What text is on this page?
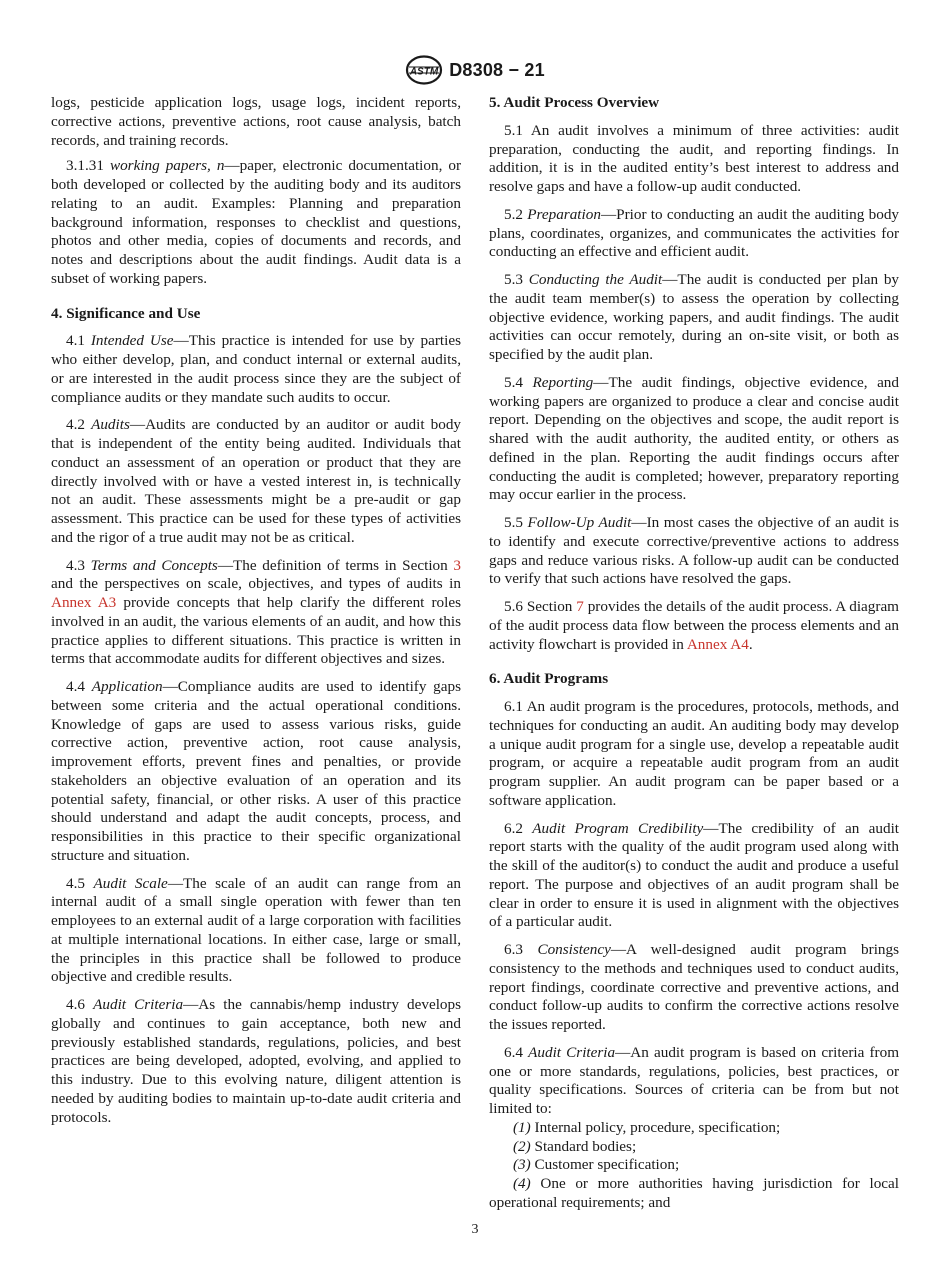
ASTM D8308 − 21

logs, pesticide application logs, usage logs, incident reports, corrective actions, preventive actions, root cause analysis, batch records, and training records.

3.1.31 working papers, n—paper, electronic documentation, or both developed or collected by the auditing body and its auditors relating to an audit. Examples: Planning and preparation background information, responses to checklist and questions, photos and other media, copies of documents and records, and notes and descriptions about the audit findings. Audit data is a subset of working papers.

4. Significance and Use

4.1 Intended Use—This practice is intended for use by parties who either develop, plan, and conduct internal or external audits, or are interested in the audit process since they are the subject of compliance audits or they mandate such audits to occur.

4.2 Audits—Audits are conducted by an auditor or audit body that is independent of the entity being audited. Individuals that conduct an assessment of an operation or product that they are directly involved with or have a vested interest in, is technically not an audit. These assessments might be a pre-audit or gap assessment. This practice can be used for these types of activities and the rigor of a true audit may not be as critical.

4.3 Terms and Concepts—The definition of terms in Section 3 and the perspectives on scale, objectives, and types of audits in Annex A3 provide concepts that help clarify the different roles involved in an audit, the various elements of an audit, and how this practice applies to different situations. This practice is written in terms that accommodate audits for different objectives and sizes.

4.4 Application—Compliance audits are used to identify gaps between some criteria and the actual operational conditions. Knowledge of gaps are used to assess various risks, guide corrective action, preventive action, root cause analysis, improvement efforts, prevent fines and penalties, or provide stakeholders an objective evaluation of an operation and its potential safety, financial, or other risks. A user of this practice should understand and adapt the audit concepts, process, and responsibilities in this practice to their specific organizational structure and situation.

4.5 Audit Scale—The scale of an audit can range from an internal audit of a small single operation with fewer than ten employees to an external audit of a large corporation with facilities at multiple international locations. In either case, large or small, the principles in this practice shall be followed to produce objective and credible results.

4.6 Audit Criteria—As the cannabis/hemp industry develops globally and continues to gain acceptance, both new and previously established standards, regulations, policies, and best practices are being developed, adopted, evolving, and applied to this industry. Due to this evolving nature, diligent attention is needed by auditing bodies to maintain up-to-date audit criteria and protocols.

5. Audit Process Overview

5.1 An audit involves a minimum of three activities: audit preparation, conducting the audit, and reporting findings. In addition, it is in the audited entity’s best interest to address and resolve gaps and have a follow-up audit conducted.

5.2 Preparation—Prior to conducting an audit the auditing body plans, coordinates, organizes, and communicates the activities for conducting an effective and efficient audit.

5.3 Conducting the Audit—The audit is conducted per plan by the audit team member(s) to assess the operation by collecting objective evidence, working papers, and audit findings. The audit activities can occur remotely, during an on-site visit, or both as specified by the audit plan.

5.4 Reporting—The audit findings, objective evidence, and working papers are organized to produce a clear and concise audit report. Depending on the objectives and scope, the audit report is shared with the audit authority, the audited entity, or others as defined in the plan. Reporting the audit findings occurs after conducting the audit is completed; however, preparatory reporting may occur earlier in the process.

5.5 Follow-Up Audit—In most cases the objective of an audit is to identify and execute corrective/preventive actions to address gaps and reduce various risks. A follow-up audit can be conducted to verify that such actions have resolved the gaps.

5.6 Section 7 provides the details of the audit process. A diagram of the audit process data flow between the process elements and an activity flowchart is provided in Annex A4.

6. Audit Programs

6.1 An audit program is the procedures, protocols, methods, and techniques for conducting an audit. An auditing body may develop a unique audit program for a single use, develop a repeatable audit program, or acquire a repeatable audit program from an audit program supplier. An audit program can be paper based or a software application.

6.2 Audit Program Credibility—The credibility of an audit report starts with the quality of the audit program used along with the skill of the auditor(s) to conduct the audit and produce a useful report. The purpose and objectives of an audit program shall be clear in order to ensure it is used in alignment with the objectives of a particular audit.

6.3 Consistency—A well-designed audit program brings consistency to the methods and techniques used to conduct audits, report findings, coordinate corrective and preventive actions, and conduct follow-up audits to confirm the corrective actions resolve the issues reported.

6.4 Audit Criteria—An audit program is based on criteria from one or more standards, regulations, policies, best practices, or quality specifications. Sources of criteria can be from but not limited to:

(1) Internal policy, procedure, specification;

(2) Standard bodies;

(3) Customer specification;

(4) One or more authorities having jurisdiction for local operational requirements; and

3
